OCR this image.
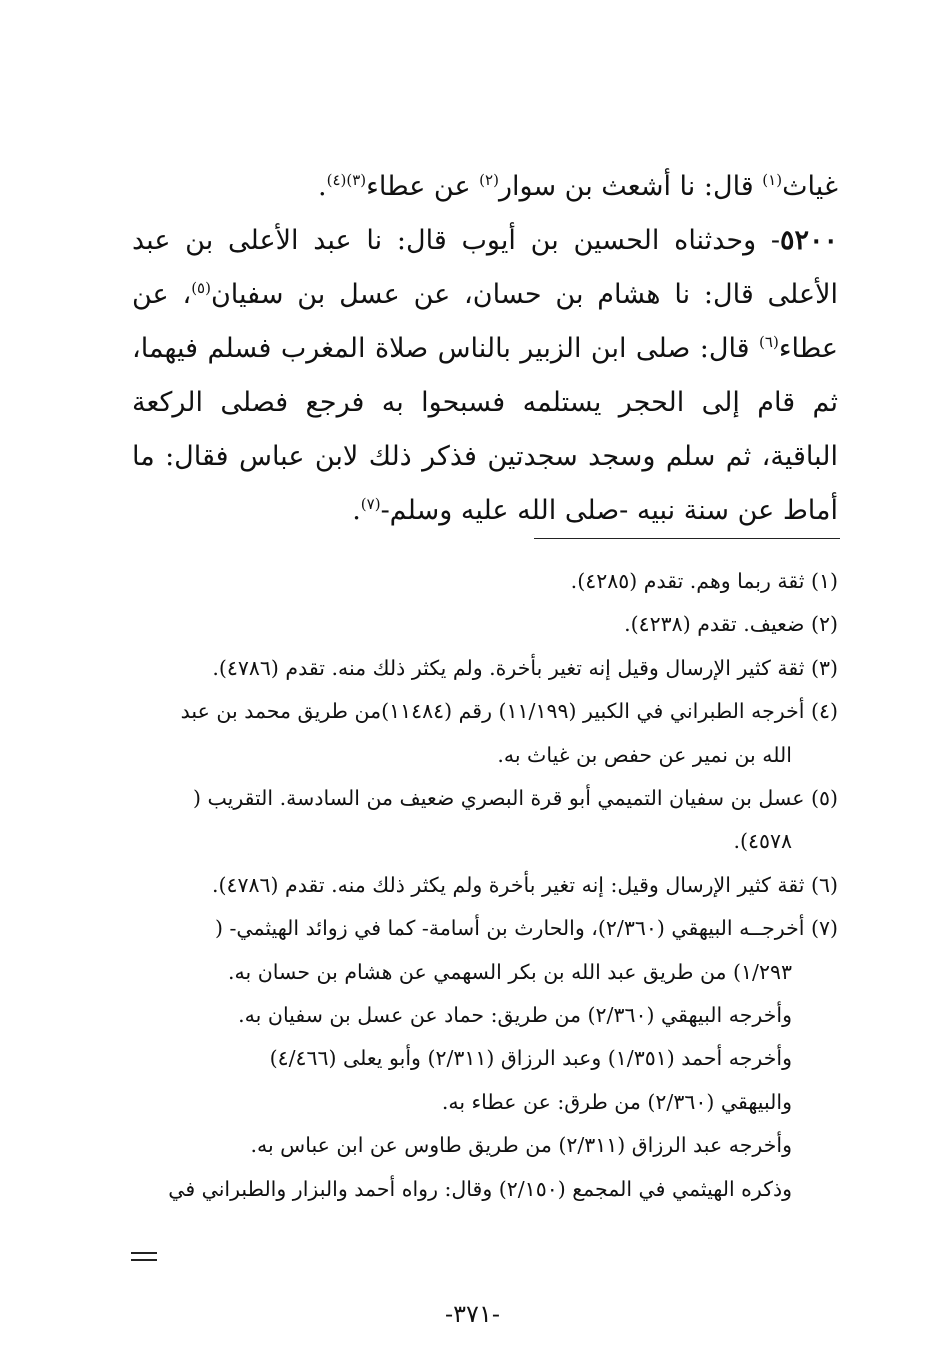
غياث$^{(١)}$ قال: نا أشعث بن سوار$^{(٢)}$ عن عطاء$^{(٣)(٤)}$.

٥٢٠٠- وحدثناه الحسين بن أيوب قال: نا عبد الأعلى بن عبد الأعلى قال: نا هشام بن حسان، عن عسل بن سفيان$^{(٥)}$، عن عطاء$^{(٦)}$ قال: صلى ابن الزبير بالناس صلاة المغرب فسلم فيهما، ثم قام إلى الحجر يستلمه فسبحوا به فرجع فصلى الركعة الباقية، ثم سلم وسجد سجدتين فذكر ذلك لابن عباس فقال: ما أماط عن سنة نبيه -صلى الله عليه وسلم-$^{(٧)}$.

(١) ثقة ربما وهم. تقدم (٤٢٨٥).
(٢) ضعيف. تقدم (٤٢٣٨).
(٣) ثقة كثير الإرسال وقيل إنه تغير بأخرة. ولم يكثر ذلك منه. تقدم (٤٧٨٦).
(٤) أخرجه الطبراني في الكبير (١١/١٩٩) رقم (١١٤٨٤)من طريق محمد بن عبد
الله بن نمير عن حفص بن غياث به.
(٥) عسل بن سفيان التميمي أبو قرة البصري ضعيف من السادسة. التقريب (
٤٥٧٨).
(٦) ثقة كثير الإرسال وقيل: إنه تغير بأخرة ولم يكثر ذلك منه. تقدم (٤٧٨٦).
(٧) أخرجــه البيهقي (٢/٣٦٠)، والحارث بن أسامة- كما في زوائد الهيثمي- (
١/٢٩٣) من طريق عبد الله بن بكر السهمي عن هشام بن حسان به.
وأخرجه البيهقي (٢/٣٦٠) من طريق: حماد عن عسل بن سفيان به.
وأخرجه أحمد (١/٣٥١) وعبد الرزاق (٢/٣١١) وأبو يعلى (٤/٤٦٦)
والبيهقي (٢/٣٦٠) من طرق: عن عطاء به.
وأخرجه عبد الرزاق (٢/٣١١) من طريق طاوس عن ابن عباس به.
وذكره الهيثمي في المجمع (٢/١٥٠) وقال: رواه أحمد والبزار والطبراني في
-٣٧١-
